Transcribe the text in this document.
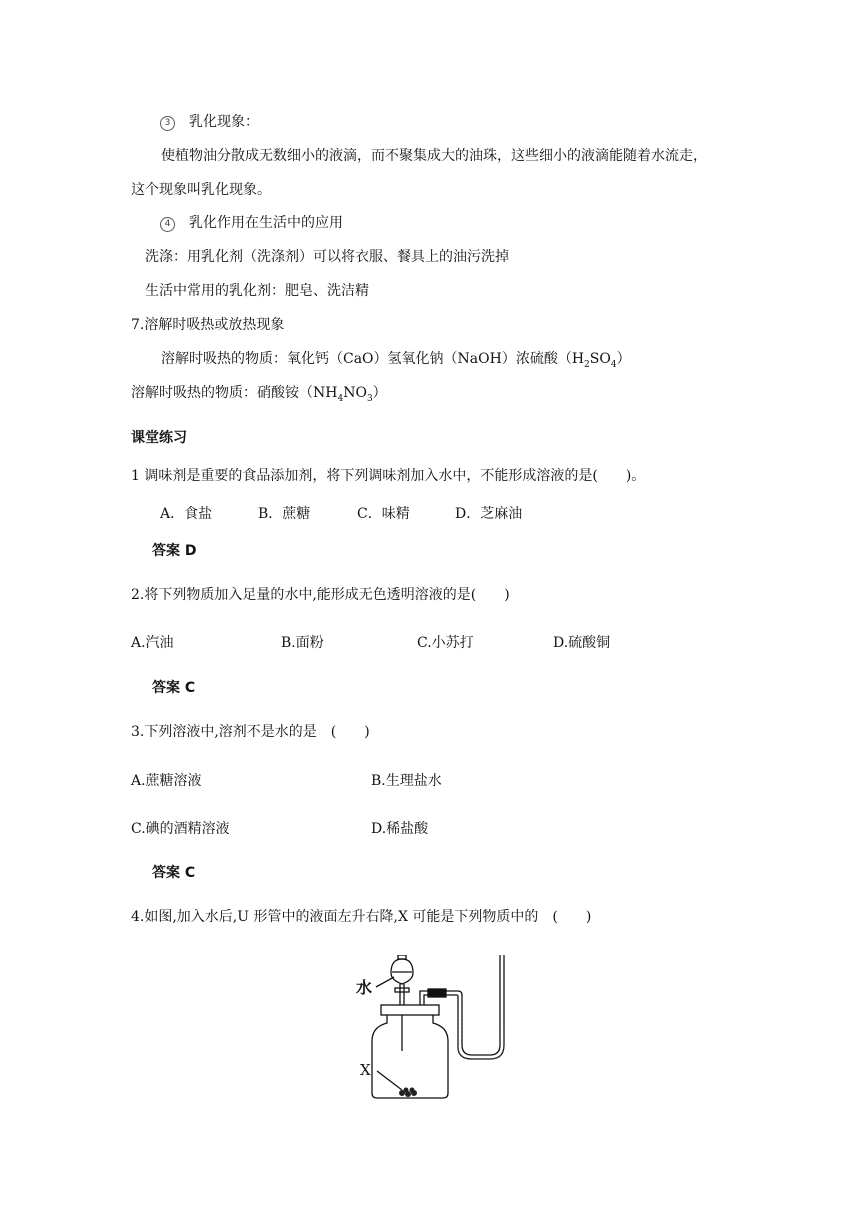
3 乳化现象：
使植物油分散成无数细小的液滴，而不聚集成大的油珠，这些细小的液滴能随着水流走，
这个现象叫乳化现象。
4 乳化作用在生活中的应用
洗涤：用乳化剂（洗涤剂）可以将衣服、餐具上的油污洗掉
生活中常用的乳化剂：肥皂、洗洁精
7.溶解时吸热或放热现象
溶解时吸热的物质：氧化钙（CaO）氢氧化钠（NaOH）浓硫酸$(H_2SO_4)$
溶解时吸热的物质：硝酸铵$(NH_4NO_3)$
课堂练习
1 调味剂是重要的食品添加剂，将下列调味剂加入水中，不能形成溶液的是(　　)。
A．食盐	B．蔗糖	C．味精	D．芝麻油
答案 D
2.将下列物质加入足量的水中,能形成无色透明溶液的是(　　)
A.汽油	B.面粉	C.小苏打	D.硫酸铜
答案 C
3.下列溶液中,溶剂不是水的是　(　　)
A.蔗糖溶液	B.生理盐水
C.碘的酒精溶液	D.稀盐酸
答案 C
4.如图,加入水后,U 形管中的液面左升右降,X 可能是下列物质中的　(　　)
水
X
